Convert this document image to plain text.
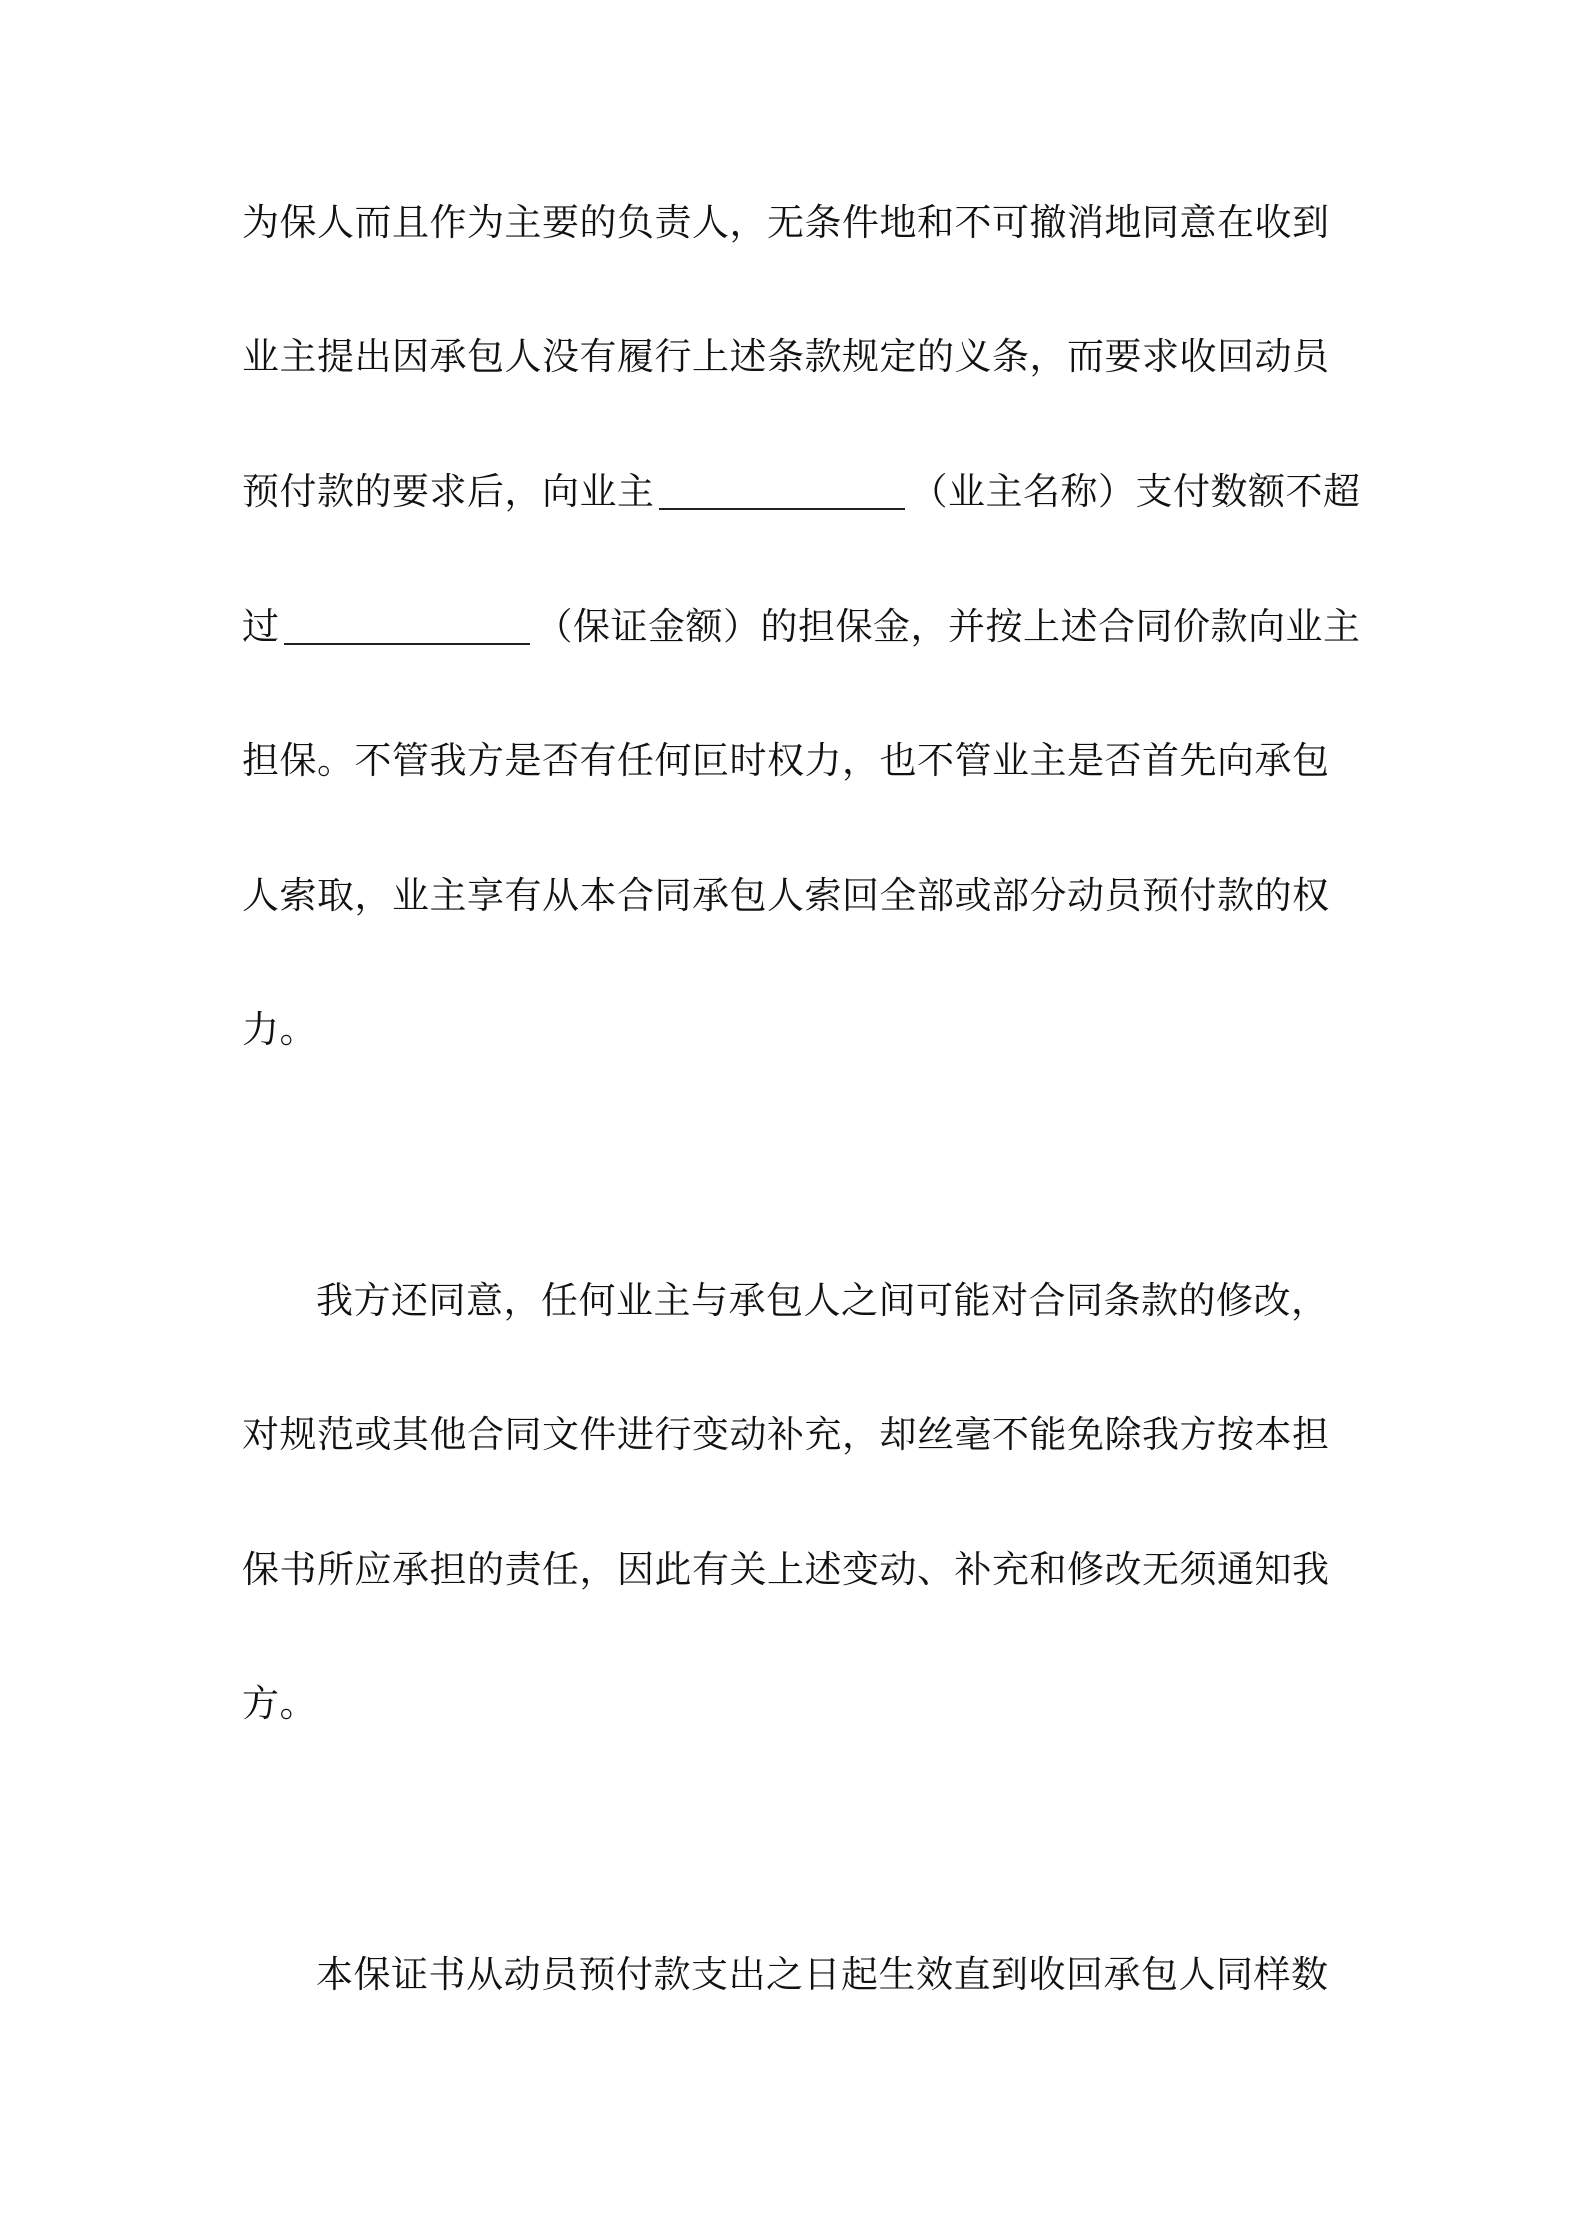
为保人而且作为主要的负责人，无条件地和不可撤消地同意在收到
业主提出因承包人没有履行上述条款规定的义条，而要求收回动员
预付款的要求后，向业主	（业主名称）支付数额不超
过	（保证金额）的担保金，并按上述合同价款向业主
担保。不管我方是否有任何叵时权力，也不管业主是否首先向承包
人索取，业主享有从本合同承包人索回全部或部分动员预付款的权
力。
我方还同意，任何业主与承包人之间可能对合同条款的修改，
对规范或其他合同文件进行变动补充，却丝毫不能免除我方按本担
保书所应承担的责任，因此有关上述变动、补充和修改无须通知我
方。
本保证书从动员预付款支出之日起生效直到收回承包人同样数
